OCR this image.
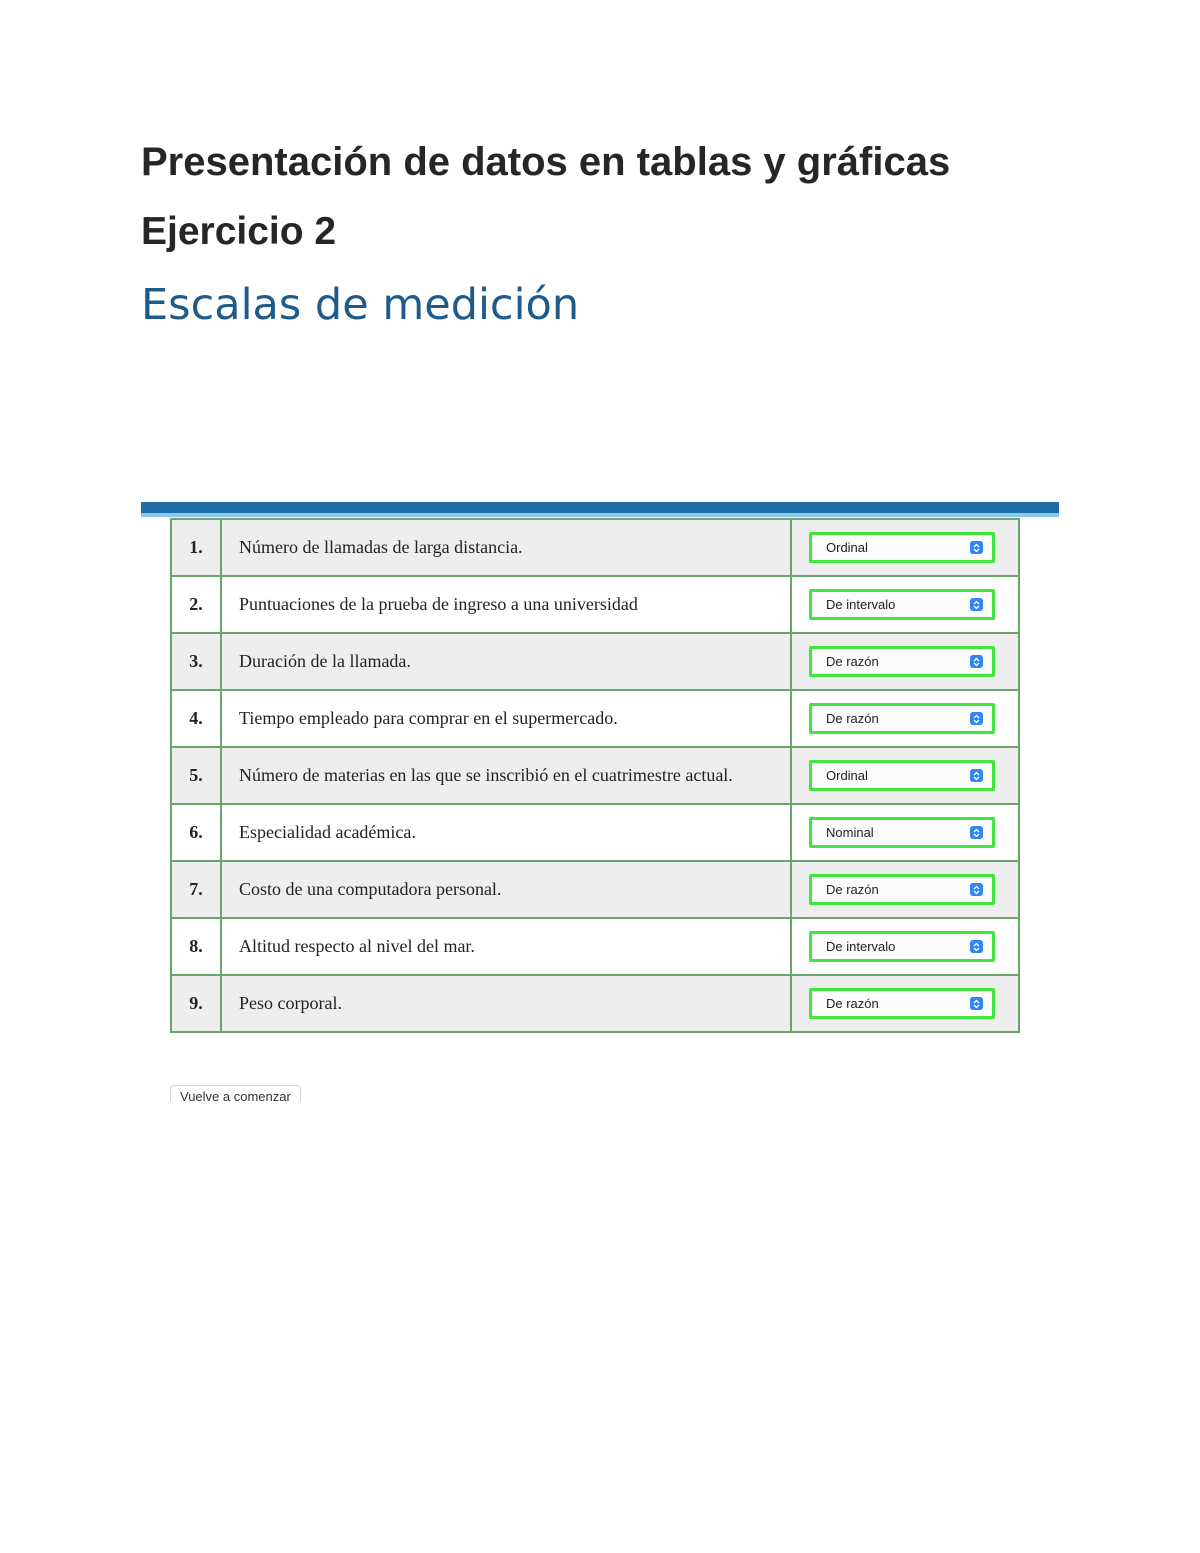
Presentación de datos en tablas y gráficas
Ejercicio 2
Escalas de medición
1.	Número de llamadas de larga distancia.	Ordinal

2.	Puntuaciones de la prueba de ingreso a una universidad	De intervalo

3.	Duración de la llamada.	De razón

4.	Tiempo empleado para comprar en el supermercado.	De razón

5.	Número de materias en las que se inscribió en el cuatrimestre actual.	Ordinal

6.	Especialidad académica.	Nominal

7.	Costo de una computadora personal.	De razón

8.	Altitud respecto al nivel del mar.	De intervalo

9.	Peso corporal.	De razón
Vuelve a comenzar
